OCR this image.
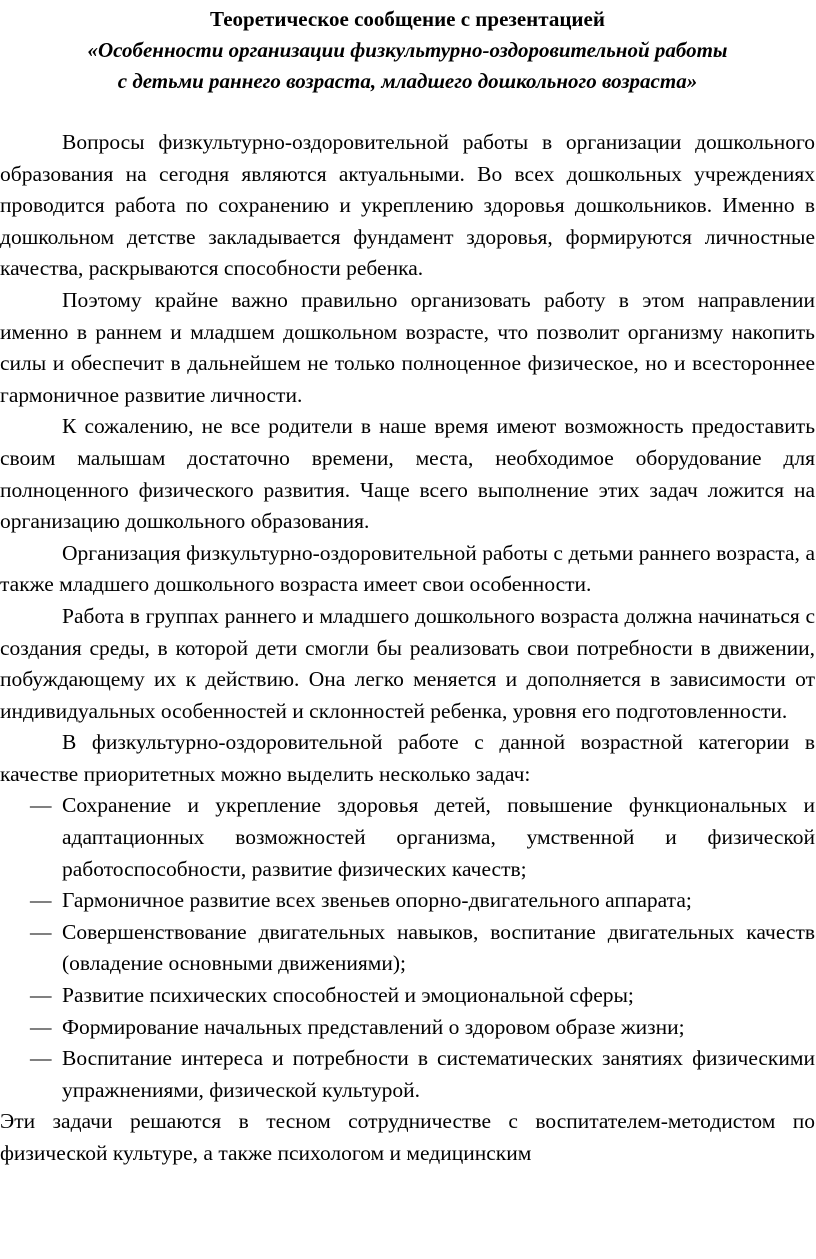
Теоретическое сообщение с презентацией
«Особенности организации физкультурно-оздоровительной работы
с детьми раннего возраста, младшего дошкольного возраста»

Вопросы физкультурно-оздоровительной работы в организации дошкольного образования на сегодня являются актуальными. Во всех дошкольных учреждениях проводится работа по сохранению и укреплению здоровья дошкольников. Именно в дошкольном детстве закладывается фундамент здоровья, формируются личностные качества, раскрываются способности ребенка.

Поэтому крайне важно правильно организовать работу в этом направлении именно в раннем и младшем дошкольном возрасте, что позволит организму накопить силы и обеспечит в дальнейшем не только полноценное физическое, но и всестороннее гармоничное развитие личности.

К сожалению, не все родители в наше время имеют возможность предоставить своим малышам достаточно времени, места, необходимое оборудование для полноценного физического развития. Чаще всего выполнение этих задач ложится на организацию дошкольного образования.

Организация физкультурно-оздоровительной работы с детьми раннего возраста, а также младшего дошкольного возраста имеет свои особенности.

Работа в группах раннего и младшего дошкольного возраста должна начинаться с создания среды, в которой дети смогли бы реализовать свои потребности в движении, побуждающему их к действию. Она легко меняется и дополняется в зависимости от индивидуальных особенностей и склонностей ребенка, уровня его подготовленности.

В физкультурно-оздоровительной работе с данной возрастной категории в качестве приоритетных можно выделить несколько задач:

— Сохранение и укрепление здоровья детей, повышение функциональных и адаптационных возможностей организма, умственной и физической работоспособности, развитие физических качеств;
— Гармоничное развитие всех звеньев опорно-двигательного аппарата;
— Совершенствование двигательных навыков, воспитание двигательных качеств (овладение основными движениями);
— Развитие психических способностей и эмоциональной сферы;
— Формирование начальных представлений о здоровом образе жизни;
— Воспитание интереса и потребности в систематических занятиях физическими упражнениями, физической культурой.

Эти задачи решаются в тесном сотрудничестве с воспитателем-методистом по физической культуре, а также психологом и медицинским
